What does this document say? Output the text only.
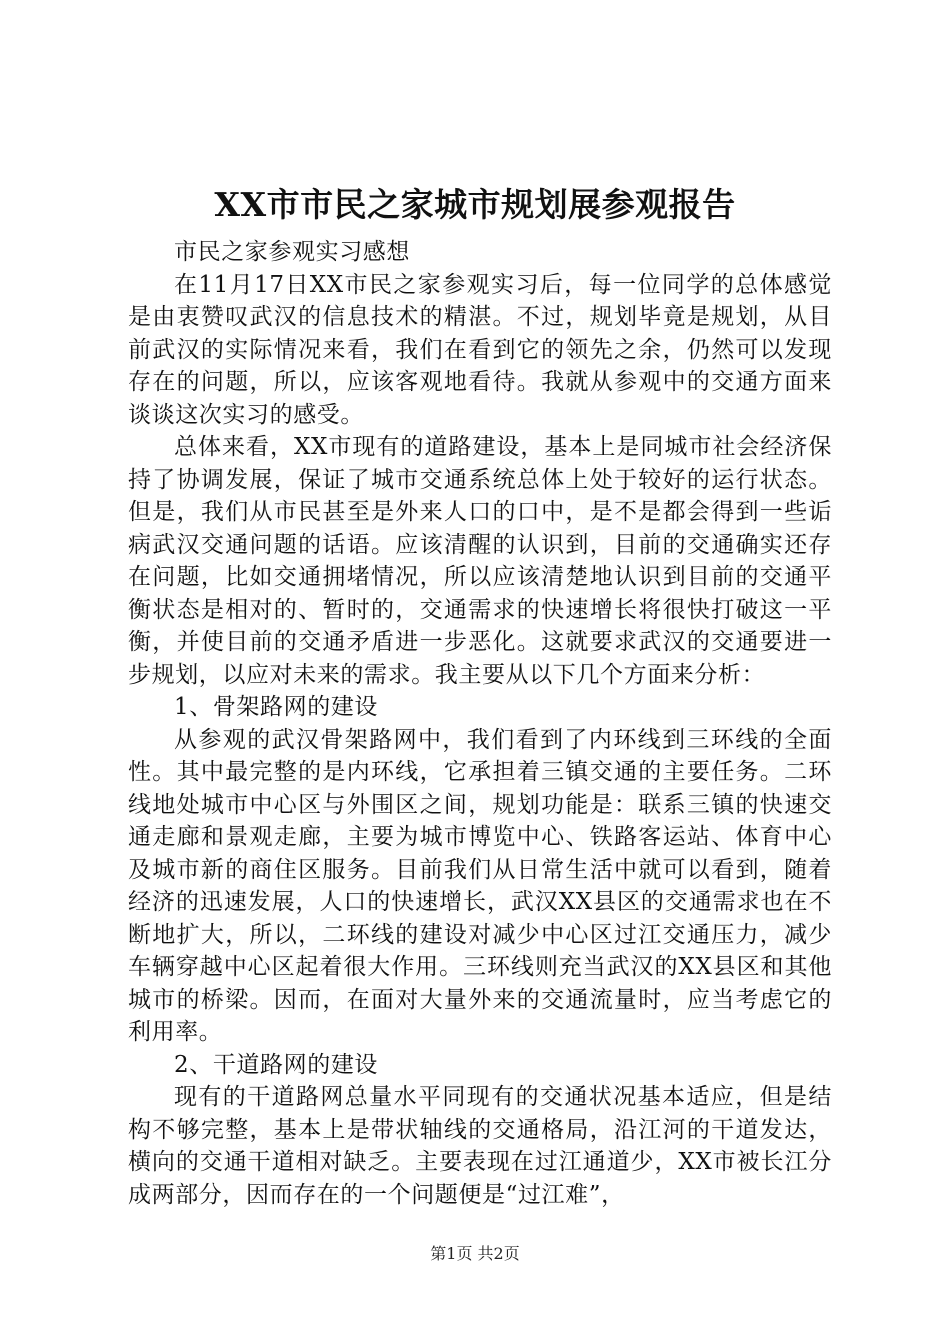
XX市市民之家城市规划展参观报告

市民之家参观实习感想

在11月17日XX市民之家参观实习后，每一位同学的总体感觉是由衷赞叹武汉的信息技术的精湛。不过，规划毕竟是规划，从目前武汉的实际情况来看，我们在看到它的领先之余，仍然可以发现存在的问题，所以，应该客观地看待。我就从参观中的交通方面来谈谈这次实习的感受。

总体来看，XX市现有的道路建设，基本上是同城市社会经济保持了协调发展，保证了城市交通系统总体上处于较好的运行状态。但是，我们从市民甚至是外来人口的口中，是不是都会得到一些诟病武汉交通问题的话语。应该清醒的认识到，目前的交通确实还存在问题，比如交通拥堵情况，所以应该清楚地认识到目前的交通平衡状态是相对的、暂时的，交通需求的快速增长将很快打破这一平衡，并使目前的交通矛盾进一步恶化。这就要求武汉的交通要进一步规划，以应对未来的需求。我主要从以下几个方面来分析：

1、骨架路网的建设

从参观的武汉骨架路网中，我们看到了内环线到三环线的全面性。其中最完整的是内环线，它承担着三镇交通的主要任务。二环线地处城市中心区与外围区之间，规划功能是：联系三镇的快速交通走廊和景观走廊，主要为城市博览中心、铁路客运站、体育中心及城市新的商住区服务。目前我们从日常生活中就可以看到，随着经济的迅速发展，人口的快速增长，武汉XX县区的交通需求也在不断地扩大，所以，二环线的建设对减少中心区过江交通压力，减少车辆穿越中心区起着很大作用。三环线则充当武汉的XX县区和其他城市的桥梁。因而，在面对大量外来的交通流量时，应当考虑它的利用率。

2、干道路网的建设

现有的干道路网总量水平同现有的交通状况基本适应，但是结构不够完整，基本上是带状轴线的交通格局，沿江河的干道发达，横向的交通干道相对缺乏。主要表现在过江通道少，XX市被长江分成两部分，因而存在的一个问题便是“过江难”，

第1页 共2页
